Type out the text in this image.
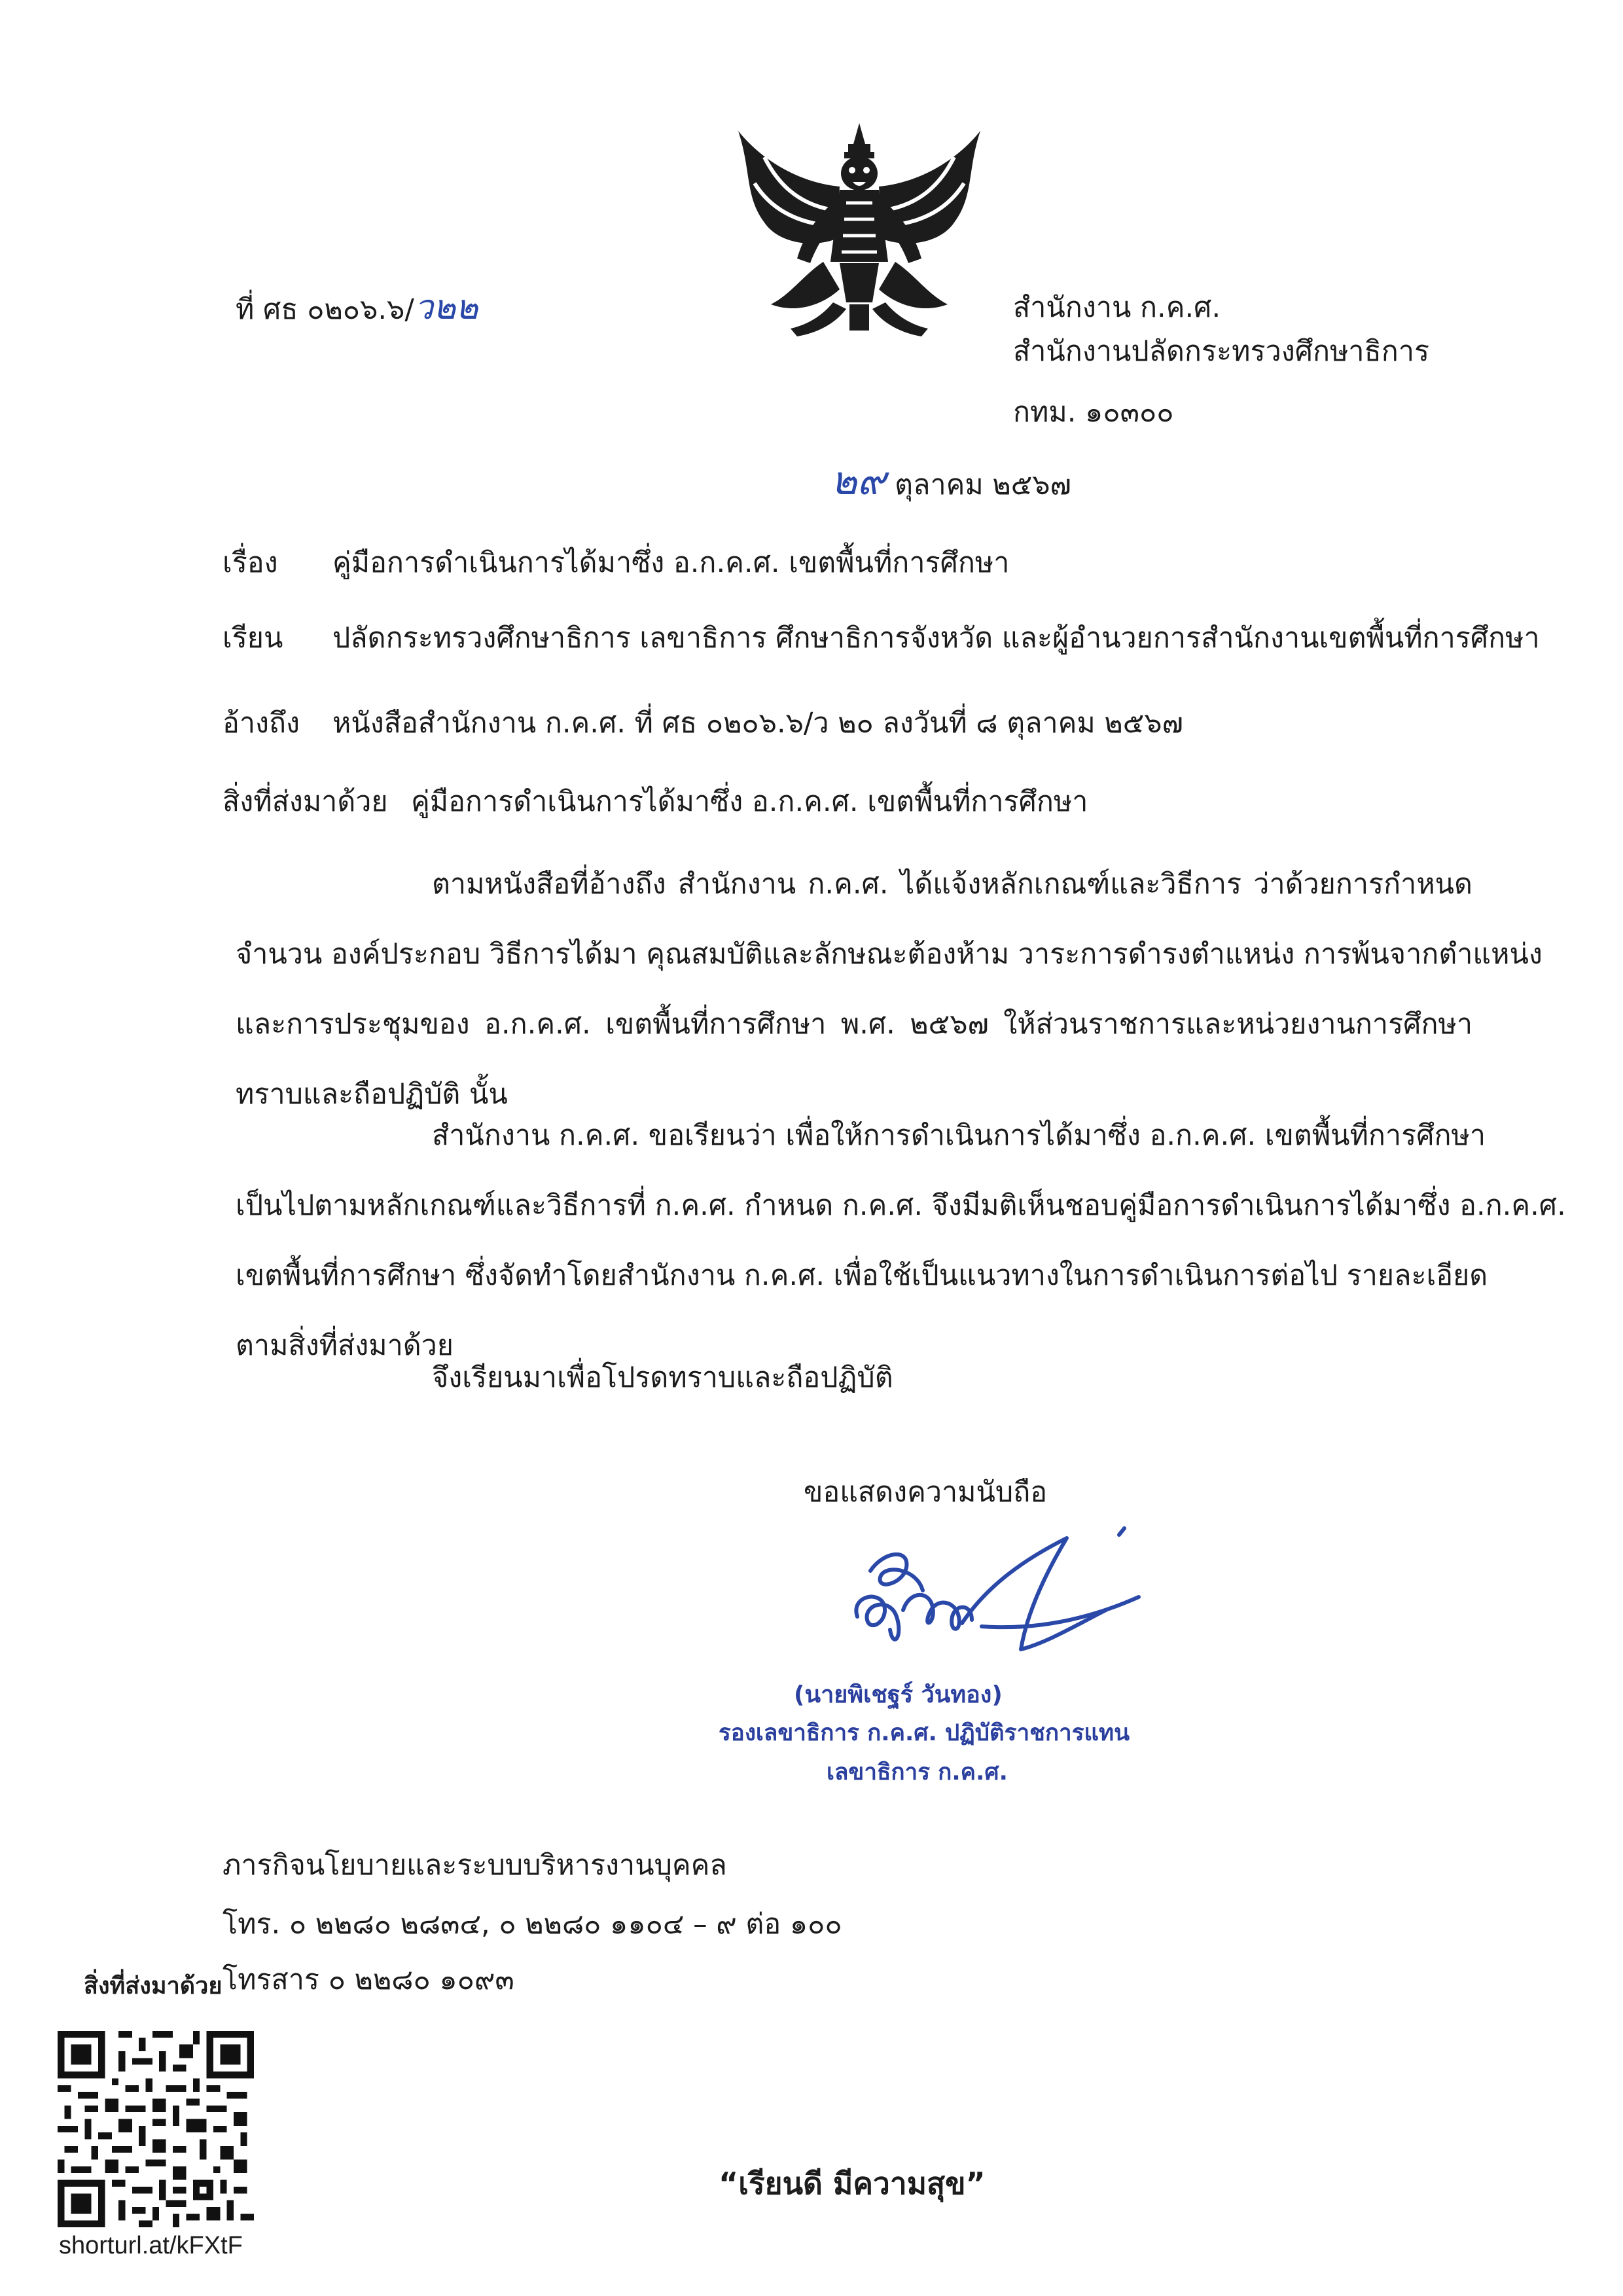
ที่ ศธ ๐๒๐๖.๖/ว๒๒	สำนักงาน ก.ค.ศ.
สำนักงานปลัดกระทรวงศึกษาธิการ
กทม. ๑๐๓๐๐
๒๙ ตุลาคม ๒๕๖๗
เรื่อง คู่มือการดำเนินการได้มาซึ่ง อ.ก.ค.ศ. เขตพื้นที่การศึกษา
เรียน ปลัดกระทรวงศึกษาธิการ เลขาธิการ ศึกษาธิการจังหวัด และผู้อำนวยการสำนักงานเขตพื้นที่การศึกษา
อ้างถึง หนังสือสำนักงาน ก.ค.ศ. ที่ ศธ ๐๒๐๖.๖/ว ๒๐ ลงวันที่ ๘ ตุลาคม ๒๕๖๗
สิ่งที่ส่งมาด้วย คู่มือการดำเนินการได้มาซึ่ง อ.ก.ค.ศ. เขตพื้นที่การศึกษา
ตามหนังสือที่อ้างถึง สำนักงาน ก.ค.ศ. ได้แจ้งหลักเกณฑ์และวิธีการ ว่าด้วยการกำหนด
จำนวน องค์ประกอบ วิธีการได้มา คุณสมบัติและลักษณะต้องห้าม วาระการดำรงตำแหน่ง การพ้นจากตำแหน่ง
และการประชุมของ อ.ก.ค.ศ. เขตพื้นที่การศึกษา พ.ศ. ๒๕๖๗ ให้ส่วนราชการและหน่วยงานการศึกษา
ทราบและถือปฏิบัติ นั้น
สำนักงาน ก.ค.ศ. ขอเรียนว่า เพื่อให้การดำเนินการได้มาซึ่ง อ.ก.ค.ศ. เขตพื้นที่การศึกษา
เป็นไปตามหลักเกณฑ์และวิธีการที่ ก.ค.ศ. กำหนด ก.ค.ศ. จึงมีมติเห็นชอบคู่มือการดำเนินการได้มาซึ่ง อ.ก.ค.ศ.
เขตพื้นที่การศึกษา ซึ่งจัดทำโดยสำนักงาน ก.ค.ศ. เพื่อใช้เป็นแนวทางในการดำเนินการต่อไป รายละเอียด
ตามสิ่งที่ส่งมาด้วย
จึงเรียนมาเพื่อโปรดทราบและถือปฏิบัติ
ขอแสดงความนับถือ
(นายพิเชฐร์ วันทอง)
รองเลขาธิการ ก.ค.ศ. ปฏิบัติราชการแทน
เลขาธิการ ก.ค.ศ.
ภารกิจนโยบายและระบบบริหารงานบุคคล
โทร. ๐ ๒๒๘๐ ๒๘๓๔, ๐ ๒๒๘๐ ๑๑๐๔ – ๙ ต่อ ๑๐๐
โทรสาร ๐ ๒๒๘๐ ๑๐๙๓
สิ่งที่ส่งมาด้วย
shorturl.at/kFXtF
“เรียนดี มีความสุข”
